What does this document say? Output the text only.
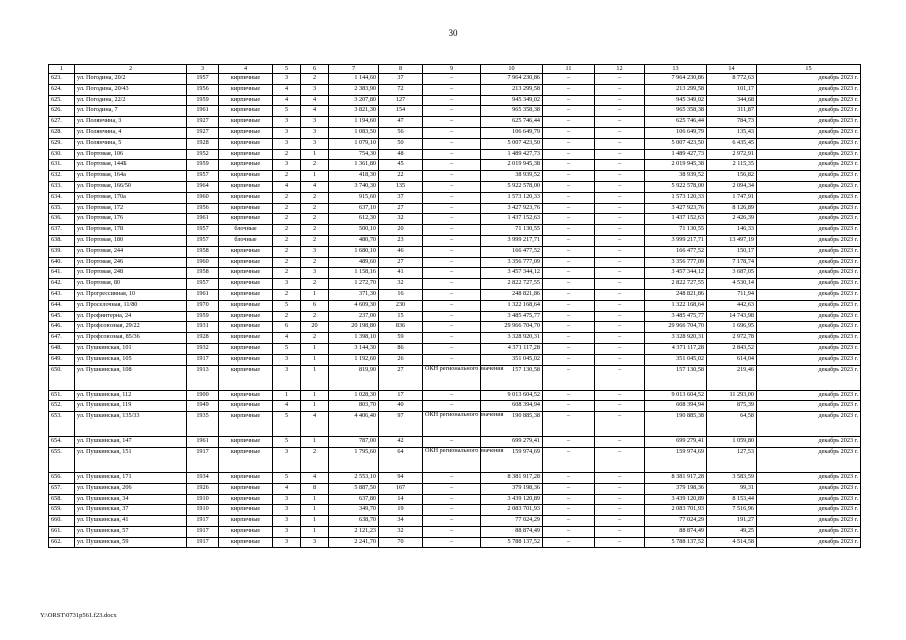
30
1	2	3	4	5	6	7	8	9	10	11	12	13	14	15
623.	ул. Погодина, 20/2	1957	кирпичные	3	2	1 144,60	37	–	7 964 230,86	–	–	7 964 230,86	8 772,63	декабрь 2023 г.
624.	ул. Погодина, 20/43	1956	кирпичные	4	3	2 383,90	72	–	213 299,58	–	–	213 299,58	101,17	декабрь 2023 г.
625.	ул. Погодина, 22/2	1959	кирпичные	4	4	3 207,80	127	–	945 349,02	–	–	945 349,02	344,68	декабрь 2023 г.
626.	ул. Погодина, 7	1961	кирпичные	5	4	3 821,30	154	–	965 358,38	–	–	965 358,38	311,87	декабрь 2023 г.
627.	ул. Полянчина, 3	1927	кирпичные	3	3	1 194,60	47	–	625 746,44	–	–	625 746,44	784,73	декабрь 2023 г.
628.	ул. Полянчина, 4	1927	кирпичные	3	3	1 083,50	56	–	106 649,79	–	–	106 649,79	135,43	декабрь 2023 г.
629.	ул. Полянчина, 5	1928	кирпичные	3	3	1 079,10	50	–	5 007 423,50	–	–	5 007 423,50	6 435,45	декабрь 2023 г.
630.	ул. Портовая, 106	1952	кирпичные	2	1	754,30	48	–	1 489 427,73	–	–	1 489 427,73	2 972,91	декабрь 2023 г.
631.	ул. Портовая, 144Б	1959	кирпичные	3	2	1 361,80	45	–	2 019 945,38	–	–	2 019 945,38	2 115,35	декабрь 2023 г.
632.	ул. Портовая, 164а	1957	кирпичные	2	1	418,30	22	–	38 939,52	–	–	38 939,52	156,82	декабрь 2023 г.
633.	ул. Портовая, 166/50	1964	кирпичные	4	4	3 740,30	135	–	5 922 578,00	–	–	5 922 578,00	2 094,34	декабрь 2023 г.
634.	ул. Портовая, 170а	1960	кирпичные	2	2	915,60	37	–	1 573 120,33	–	–	1 573 120,33	1 747,91	декабрь 2023 г.
635.	ул. Портовая, 172	1956	кирпичные	2	2	637,10	27	–	3 427 923,76	–	–	3 427 923,76	8 126,89	декабрь 2023 г.
636.	ул. Портовая, 176	1961	кирпичные	2	2	612,30	32	–	1 437 152,63	–	–	1 437 152,63	2 426,39	декабрь 2023 г.
637.	ул. Портовая, 178	1957	блочные	2	2	500,10	20	–	71 130,55	–	–	71 130,55	146,33	декабрь 2023 г.
638.	ул. Портовая, 180	1957	блочные	2	2	480,70	23	–	3 999 217,71	–	–	3 999 217,71	13 497,19	декабрь 2023 г.
639.	ул. Портовая, 244	1958	кирпичные	2	3	1 680,10	46	–	166 477,52	–	–	166 477,52	150,17	декабрь 2023 г.
640.	ул. Портовая, 246	1960	кирпичные	2	2	489,60	27	–	3 356 777,09	–	–	3 356 777,09	7 178,74	декабрь 2023 г.
641.	ул. Портовая, 248	1958	кирпичные	2	3	1 158,16	41	–	3 457 344,12	–	–	3 457 344,12	3 687,05	декабрь 2023 г.
642.	ул. Портовая, 80	1957	кирпичные	3	2	1 272,70	32	–	2 822 727,55	–	–	2 822 727,55	4 530,14	декабрь 2023 г.
643.	ул. Прогрессивная, 10	1961	кирпичные	2	1	371,30	16	–	248 821,86	–	–	248 821,86	711,94	декабрь 2023 г.
644.	ул. Проселочная, 11/80	1970	кирпичные	5	6	4 609,30	230	–	1 322 168,64	–	–	1 322 168,64	442,63	декабрь 2023 г.
645.	ул. Профинтерна, 24	1959	кирпичные	2	2	237,00	15	–	3 485 475,77	–	–	3 485 475,77	14 743,98	декабрь 2023 г.
646.	ул. Профсоюзная, 29/22	1931	кирпичные	6	20	20 198,80	836	–	29 966 704,70	–	–	29 966 704,70	1 696,95	декабрь 2023 г.
647.	ул. Профсоюзная, 85/36	1928	кирпичные	4	2	1 398,10	59	–	3 328 920,31	–	–	3 328 920,31	2 972,78	декабрь 2023 г.
648.	ул. Пушкинская, 101	1932	кирпичные	5	1	3 144,30	86	–	4 371 117,28	–	–	4 371 117,28	2 843,52	декабрь 2023 г.
649.	ул. Пушкинская, 105	1917	кирпичные	3	1	1 192,60	26	–	351 045,02	–	–	351 045,02	614,04	декабрь 2023 г.
650.	ул. Пушкинская, 108	1913	кирпичные	3	1	819,90	27	ОКН регионального значения	157 130,58	–	–	157 130,58	219,46	декабрь 2023 г.
651.	ул. Пушкинская, 112	1900	кирпичные	1	1	1 028,30	17	–	9 013 604,52	–	–	9 013 604,52	11 293,00	декабрь 2023 г.
652.	ул. Пушкинская, 119	1949	кирпичные	4	1	803,70	40	–	608 394,94	–	–	608 394,94	875,39	декабрь 2023 г.
653.	ул. Пушкинская, 135/33	1935	кирпичные	5	4	4 406,40	97	ОКН регионального значения	190 885,38	–	–	190 885,38	64,58	декабрь 2023 г.
654.	ул. Пушкинская, 147	1961	кирпичные	5	1	787,00	42	–	699 279,41	–	–	699 279,41	1 059,80	декабрь 2023 г.
655.	ул. Пушкинская, 151	1917	кирпичные	3	2	1 795,60	64	ОКН регионального значения	159 974,69	–	–	159 974,69	127,53	декабрь 2023 г.
656.	ул. Пушкинская, 171	1934	кирпичные	5	4	2 553,10	94	–	8 381 917,28	–	–	8 381 917,28	3 583,59	декабрь 2023 г.
657.	ул. Пушкинская, 206	1926	кирпичные	4	8	5 887,50	167	–	379 198,36	–	–	379 198,36	99,31	декабрь 2023 г.
658.	ул. Пушкинская, 34	1910	кирпичные	3	1	637,80	14	–	3 439 120,89	–	–	3 439 120,89	8 153,44	декабрь 2023 г.
659.	ул. Пушкинская, 37	1910	кирпичные	3	1	349,70	19	–	2 083 701,93	–	–	2 083 701,93	7 516,96	декабрь 2023 г.
660.	ул. Пушкинская, 41	1917	кирпичные	3	1	638,70	34	–	77 024,29	–	–	77 024,29	191,27	декабрь 2023 г.
661.	ул. Пушкинская, 57	1917	кирпичные	3	1	2 121,23	32	–	88 874,49	–	–	88 874,49	49,25	декабрь 2023 г.
662.	ул. Пушкинская, 59	1917	кирпичные	3	3	2 241,70	70	–	5 788 137,52	–	–	5 788 137,52	4 514,58	декабрь 2023 г.
Y:\ORST\0731p561.f23.docx
